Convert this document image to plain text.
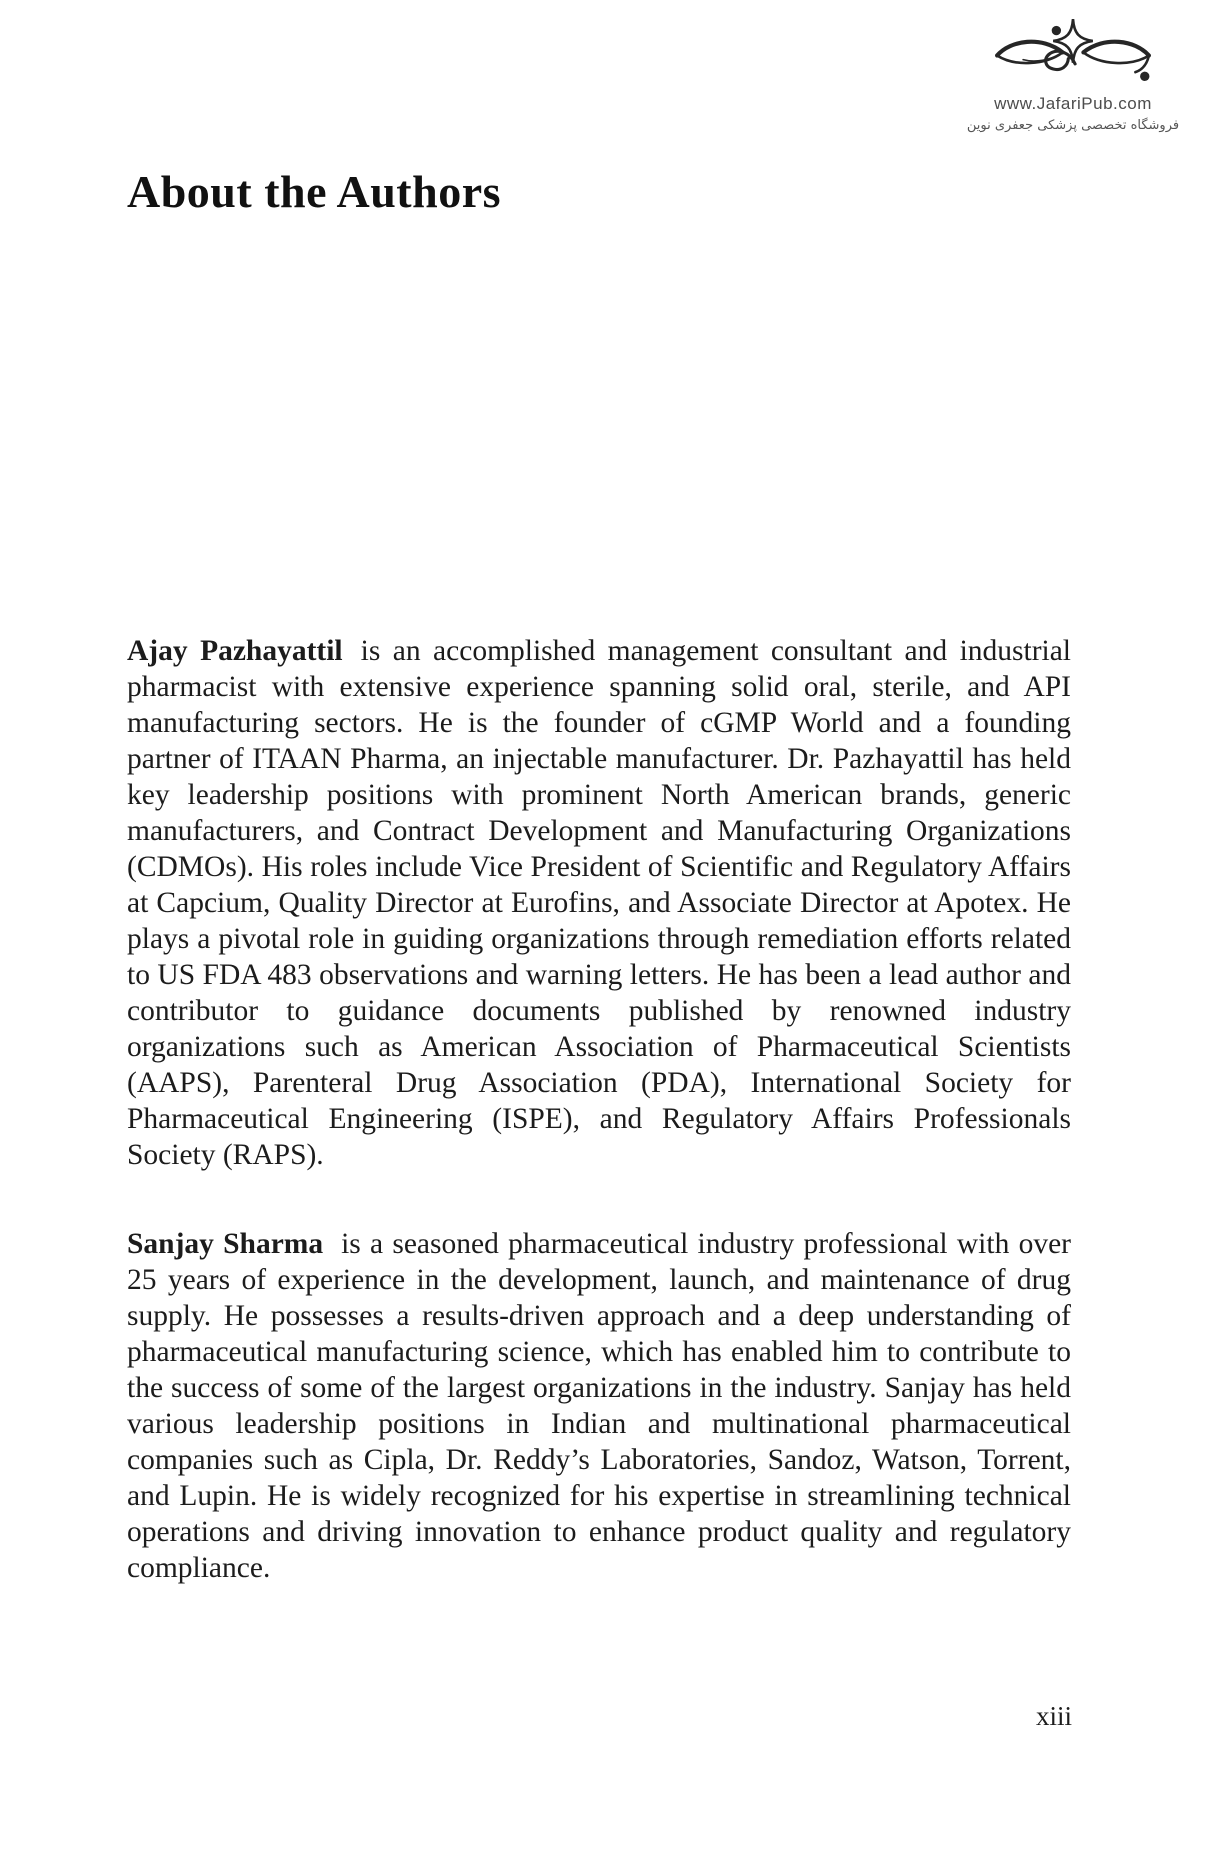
www.JafariPub.com
فروشگاه تخصصی پزشکی جعفری نوین
About the Authors

Ajay Pazhayattil is an accomplished management consultant and industrial pharmacist with extensive experience spanning solid oral, sterile, and API manufacturing sectors. He is the founder of cGMP World and a founding partner of ITAAN Pharma, an injectable manufacturer. Dr. Pazhayattil has held key leadership positions with prominent North American brands, generic manufacturers, and Contract Development and Manufacturing Organizations (CDMOs). His roles include Vice President of Scientific and Regulatory Affairs at Capcium, Quality Director at Eurofins, and Associate Director at Apotex. He plays a pivotal role in guiding organizations through remediation efforts related to US FDA 483 observations and warning letters. He has been a lead author and contributor to guidance documents published by renowned industry organizations such as American Association of Pharmaceutical Scientists (AAPS), Parenteral Drug Association (PDA), International Society for Pharmaceutical Engineering (ISPE), and Regulatory Affairs Professionals Society (RAPS).

Sanjay Sharma is a seasoned pharmaceutical industry professional with over 25 years of experience in the development, launch, and maintenance of drug supply. He possesses a results-driven approach and a deep understanding of pharmaceutical manufacturing science, which has enabled him to contribute to the success of some of the largest organizations in the industry. Sanjay has held various leadership positions in Indian and multinational pharmaceutical companies such as Cipla, Dr. Reddy’s Laboratories, Sandoz, Watson, Torrent, and Lupin. He is widely recognized for his expertise in streamlining technical operations and driving innovation to enhance product quality and regulatory compliance.

xiii
